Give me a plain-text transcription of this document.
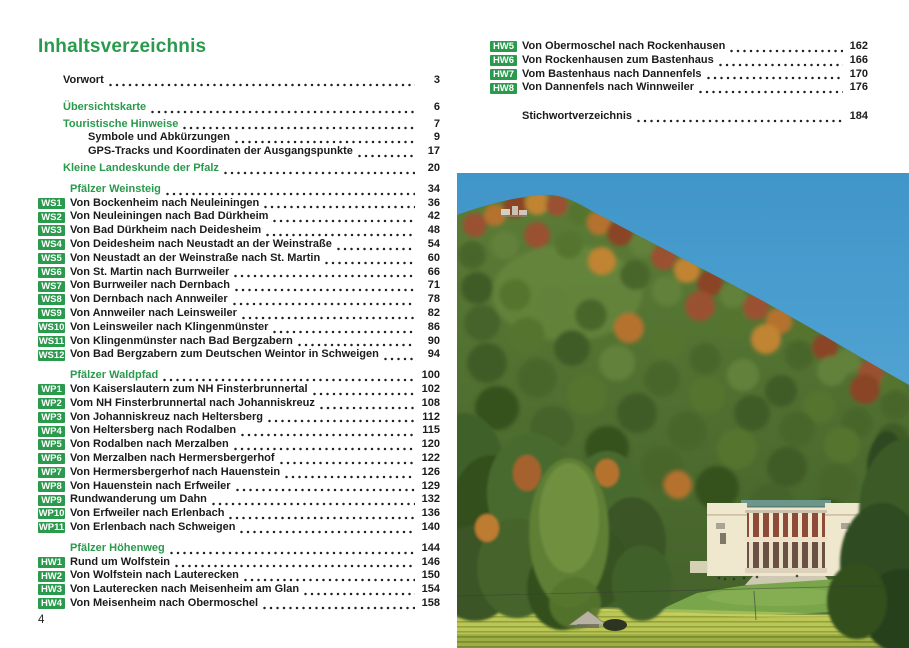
Inhaltsverzeichnis
Vorwort	3
Übersichtskarte	6
Touristische Hinweise	7
Symbole und Abkürzungen	9
GPS-Tracks und Koordinaten der Ausgangspunkte	17
Kleine Landeskunde der Pfalz	20
Pfälzer Weinsteig	34
WS1 Von Bockenheim nach Neuleiningen	36
WS2 Von Neuleiningen nach Bad Dürkheim	42
WS3 Von Bad Dürkheim nach Deidesheim	48
WS4 Von Deidesheim nach Neustadt an der Weinstraße	54
WS5 Von Neustadt an der Weinstraße nach St. Martin	60
WS6 Von St. Martin nach Burrweiler	66
WS7 Von Burrweiler nach Dernbach	71
WS8 Von Dernbach nach Annweiler	78
WS9 Von Annweiler nach Leinsweiler	82
WS10 Von Leinsweiler nach Klingenmünster	86
WS11 Von Klingenmünster nach Bad Bergzabern	90
WS12 Von Bad Bergzabern zum Deutschen Weintor in Schweigen	94
Pfälzer Waldpfad	100
WP1 Von Kaiserslautern zum NH Finsterbrunnertal	102
WP2 Vom NH Finsterbrunnertal nach Johanniskreuz	108
WP3 Von Johanniskreuz nach Heltersberg	112
WP4 Von Heltersberg nach Rodalben	115
WP5 Von Rodalben nach Merzalben	120
WP6 Von Merzalben nach Hermersbergerhof	122
WP7 Von Hermersbergerhof nach Hauenstein	126
WP8 Von Hauenstein nach Erfweiler	129
WP9 Rundwanderung um Dahn	132
WP10 Von Erfweiler nach Erlenbach	136
WP11 Von Erlenbach nach Schweigen	140
Pfälzer Höhenweg	144
HW1 Rund um Wolfstein	146
HW2 Von Wolfstein nach Lauterecken	150
HW3 Von Lauterecken nach Meisenheim am Glan	154
HW4 Von Meisenheim nach Obermoschel	158
HW5 Von Obermoschel nach Rockenhausen	162
HW6 Von Rockenhausen zum Bastenhaus	166
HW7 Vom Bastenhaus nach Dannenfels	170
HW8 Von Dannenfels nach Winnweiler	176
Stichwortverzeichnis	184
4
